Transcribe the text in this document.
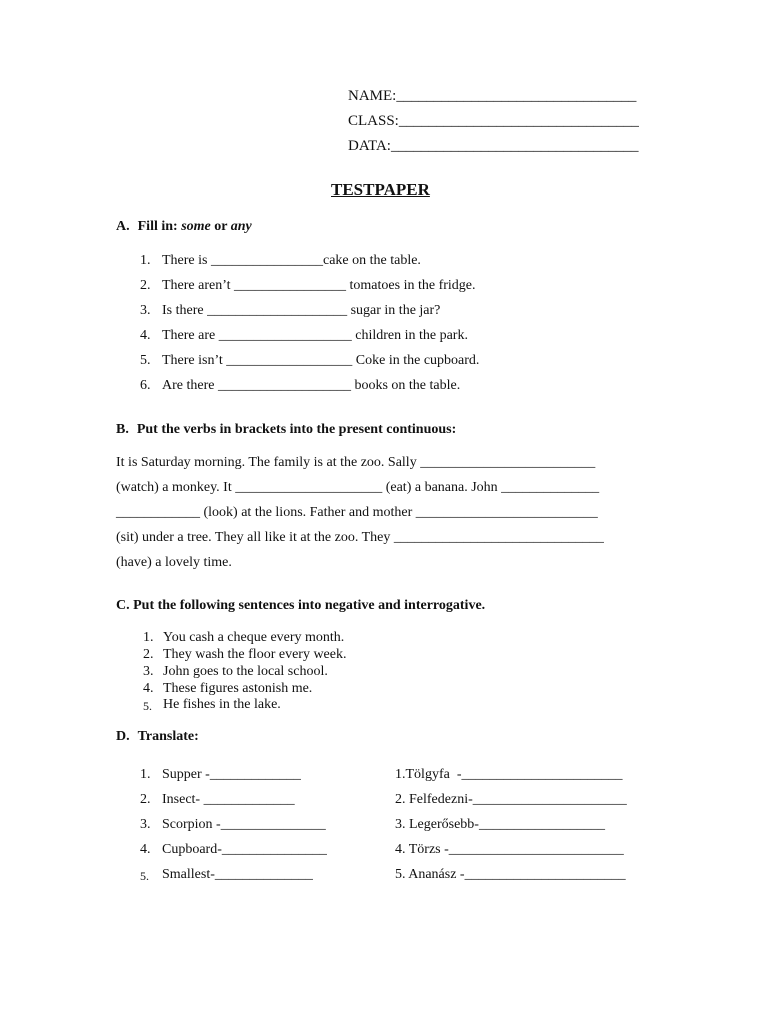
NAME:________________________________
CLASS:________________________________
DATA:_________________________________
TESTPAPER
A. Fill in: some or any
1. There is ________________cake on the table.
2. There aren’t ________________ tomatoes in the fridge.
3. Is there ____________________ sugar in the jar?
4. There are ___________________ children in the park.
5. There isn’t __________________ Coke in the cupboard.
6. Are there ___________________ books on the table.
B. Put the verbs in brackets into the present continuous:
It is Saturday morning. The family is at the zoo. Sally _________________________
(watch) a monkey. It _____________________ (eat) a banana. John ______________
____________ (look) at the lions. Father and mother __________________________
(sit) under a tree. They all like it at the zoo. They ______________________________
(have) a lovely time.
C. Put the following sentences into negative and interrogative.
1. You cash a cheque every month.
2. They wash the floor every week.
3. John goes to the local school.
4. These figures astonish me.
5. He fishes in the lake.
D. Translate:
1. Supper -_____________
2. Insect- _____________
3. Scorpion -_______________
4. Cupboard-_______________
5. Smallest-______________
1.Tölgyfa  -_______________________
2. Felfedezni-______________________
3. Legerősebb-__________________
4. Törzs -_________________________
5. Ananász -_______________________
